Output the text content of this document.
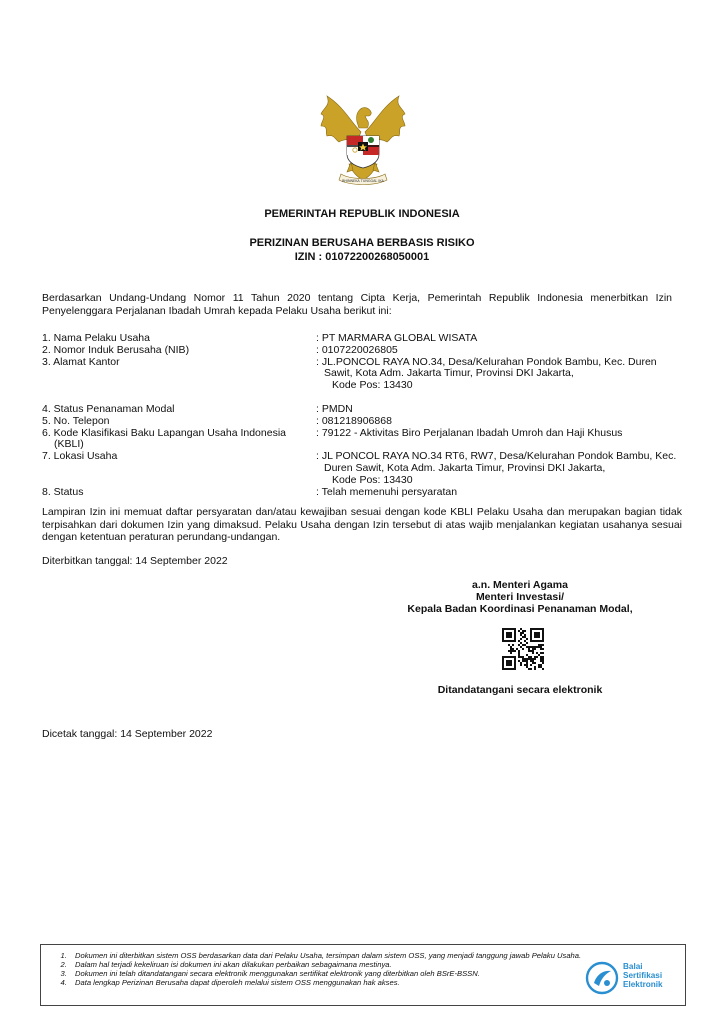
BHINNEKA TUNGGAL IKA
PEMERINTAH REPUBLIK INDONESIA
PERIZINAN BERUSAHA BERBASIS RISIKO
IZIN : 01072200268050001
Berdasarkan Undang-Undang Nomor 11 Tahun 2020 tentang Cipta Kerja, Pemerintah Republik Indonesia menerbitkan Izin Penyelenggara Perjalanan Ibadah Umrah kepada Pelaku Usaha berikut ini:
1. Nama Pelaku Usaha	: PT MARMARA GLOBAL WISATA
2. Nomor Induk Berusaha (NIB)	: 0107220026805
3. Alamat Kantor	: JL.PONCOL RAYA NO.34, Desa/Kelurahan Pondok Bambu, Kec. Duren Sawit, Kota Adm. Jakarta Timur, Provinsi DKI Jakarta,
Kode Pos: 13430
4. Status Penanaman Modal	: PMDN
5. No. Telepon	: 081218906868
6. Kode Klasifikasi Baku Lapangan Usaha Indonesia
(KBLI)
: 79122 - Aktivitas Biro Perjalanan Ibadah Umroh dan Haji Khusus
7. Lokasi Usaha	: JL PONCOL RAYA NO.34 RT6, RW7, Desa/Kelurahan Pondok Bambu, Kec. Duren Sawit, Kota Adm. Jakarta Timur, Provinsi DKI Jakarta,
Kode Pos: 13430
8. Status	: Telah memenuhi persyaratan
Lampiran Izin ini memuat daftar persyaratan dan/atau kewajiban sesuai dengan kode KBLI Pelaku Usaha dan merupakan bagian tidak terpisahkan dari dokumen Izin yang dimaksud. Pelaku Usaha dengan Izin tersebut di atas wajib menjalankan kegiatan usahanya sesuai dengan ketentuan peraturan perundang-undangan.
Diterbitkan tanggal: 14 September 2022
a.n. Menteri Agama
Menteri Investasi/
Kepala Badan Koordinasi Penanaman Modal,
Ditandatangani secara elektronik
Dicetak tanggal: 14 September 2022
1. Dokumen ini diterbitkan sistem OSS berdasarkan data dari Pelaku Usaha, tersimpan dalam sistem OSS, yang menjadi tanggung jawab Pelaku Usaha.
2. Dalam hal terjadi kekeliruan isi dokumen ini akan dilakukan perbaikan sebagaimana mestinya.
3. Dokumen ini telah ditandatangani secara elektronik menggunakan sertifikat elektronik yang diterbitkan oleh BSrE-BSSN.
4. Data lengkap Perizinan Berusaha dapat diperoleh melalui sistem OSS menggunakan hak akses.
Balai
Sertifikasi
Elektronik
